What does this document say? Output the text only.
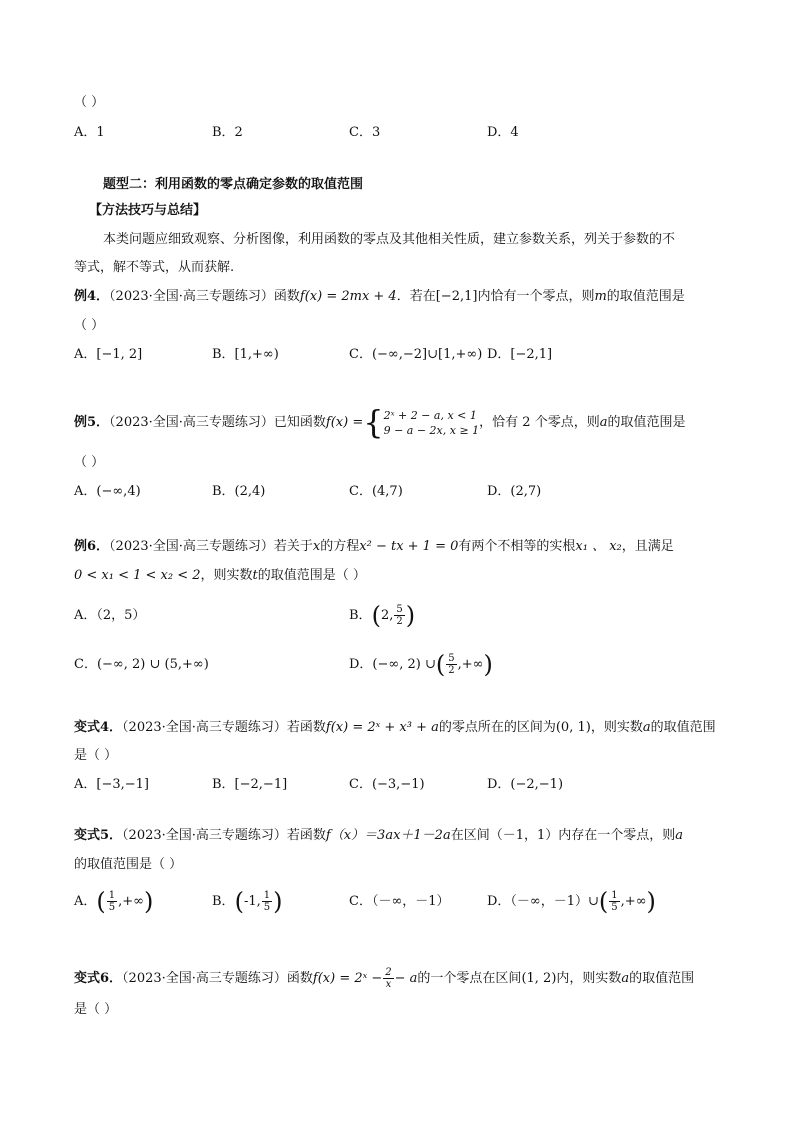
（ ）
A．1	B．2	C．3	D．4
题型二：利用函数的零点确定参数的取值范围
【方法技巧与总结】
本类问题应细致观察、分析图像，利用函数的零点及其他相关性质，建立参数关系，列关于参数的不
等式，解不等式，从而获解.
例4．（2023·全国·高三专题练习）函数f(x) = 2mx + 4．若在[−2,1]内恰有一个零点，则m的取值范围是
（ ）
A．[−1, 2]	B．[1,+∞)	C．(−∞,−2]∪[1,+∞) D．[−2,1]
例5．（2023·全国·高三专题练习）已知函数f(x) ={ 2ˣ + 2 − a, x < 1
9 − a − 2x, x ≥ 1 ，恰有 2 个零点，则a的取值范围是
（ ）
A．(−∞,4)	B．(2,4)	C．(4,7)	D．(2,7)
例6．（2023·全国·高三专题练习）若关于x的方程x² − tx + 1 = 0有两个不相等的实根x₁ 、 x₂，且满足
0 < x₁ < 1 < x₂ < 2，则实数t的取值范围是（ ）
A．（2，5）	B．(2, $\frac{5}{2}$ )
C．(−∞, 2) ∪ (5,+∞)	D．(−∞, 2) ∪( $\frac{5}{2}$ ,+∞)
变式4．（2023·全国·高三专题练习）若函数f(x) = 2ˣ + x³ + a的零点所在的区间为(0, 1)，则实数a的取值范围
是（ ）
A．[−3,−1]	B．[−2,−1]	C．(−3,−1)	D．(−2,−1)
变式5．（2023·全国·高三专题练习）若函数f（x）＝3ax＋1－2a在区间（－1，1）内存在一个零点，则a
的取值范围是（ ）
A．( $\frac{1}{5}$ ,+∞)	B．(-1, $\frac{1}{5}$ )	C．（－∞，－1）	D．（－∞，－1）∪( $\frac{1}{5}$ ,+∞)
变式6．（2023·全国·高三专题练习）函数f(x) = 2ˣ − $\frac{2}{x} - a$的一个零点在区间(1, 2)内，则实数a的取值范围
是（ ）
